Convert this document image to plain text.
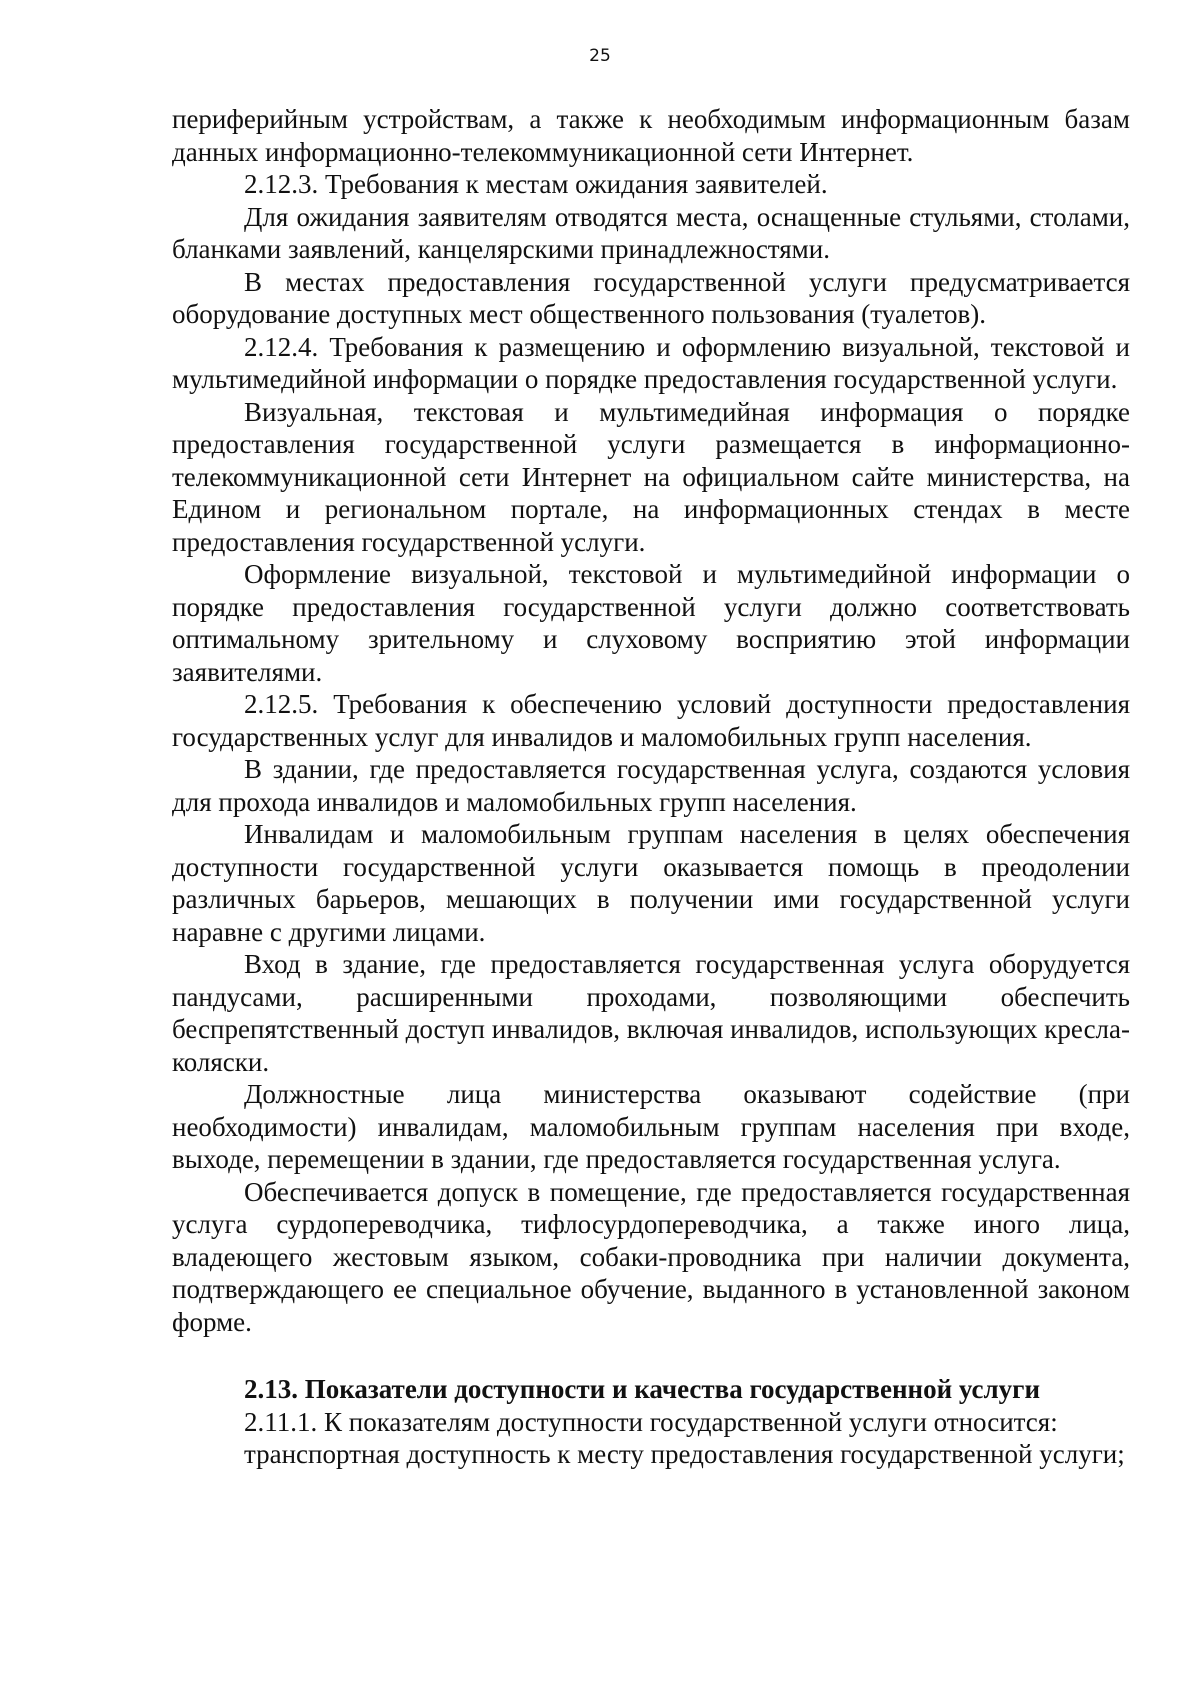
25

периферийным устройствам, а также к необходимым информационным базам данных информационно-телекоммуникационной сети Интернет.

2.12.3. Требования к местам ожидания заявителей.

Для ожидания заявителям отводятся места, оснащенные стульями, столами, бланками заявлений, канцелярскими принадлежностями.

В местах предоставления государственной услуги предусматривается оборудование доступных мест общественного пользования (туалетов).

2.12.4. Требования к размещению и оформлению визуальной, текстовой и мультимедийной информации о порядке предоставления государственной услуги.

Визуальная, текстовая и мультимедийная информация о порядке предоставления государственной услуги размещается в информационно-телекоммуникационной сети Интернет на официальном сайте министерства, на Едином и региональном портале, на информационных стендах в месте предоставления государственной услуги.

Оформление визуальной, текстовой и мультимедийной информации о порядке предоставления государственной услуги должно соответствовать оптимальному зрительному и слуховому восприятию этой информации заявителями.

2.12.5. Требования к обеспечению условий доступности предоставления государственных услуг для инвалидов и маломобильных групп населения.

В здании, где предоставляется государственная услуга, создаются условия для прохода инвалидов и маломобильных групп населения.

Инвалидам и маломобильным группам населения в целях обеспечения доступности государственной услуги оказывается помощь в преодолении различных барьеров, мешающих в получении ими государственной услуги наравне с другими лицами.

Вход в здание, где предоставляется государственная услуга оборудуется пандусами, расширенными проходами, позволяющими обеспечить беспрепятственный доступ инвалидов, включая инвалидов, использующих кресла-коляски.

Должностные лица министерства оказывают содействие (при необходимости) инвалидам, маломобильным группам населения при входе, выходе, перемещении в здании, где предоставляется государственная услуга.

Обеспечивается допуск в помещение, где предоставляется государственная услуга сурдопереводчика, тифлосурдопереводчика, а также иного лица, владеющего жестовым языком, собаки-проводника при наличии документа, подтверждающего ее специальное обучение, выданного в установленной законом форме.

2.13. Показатели доступности и качества государственной услуги

2.11.1. К показателям доступности государственной услуги относится:

транспортная доступность к месту предоставления государственной услуги;
